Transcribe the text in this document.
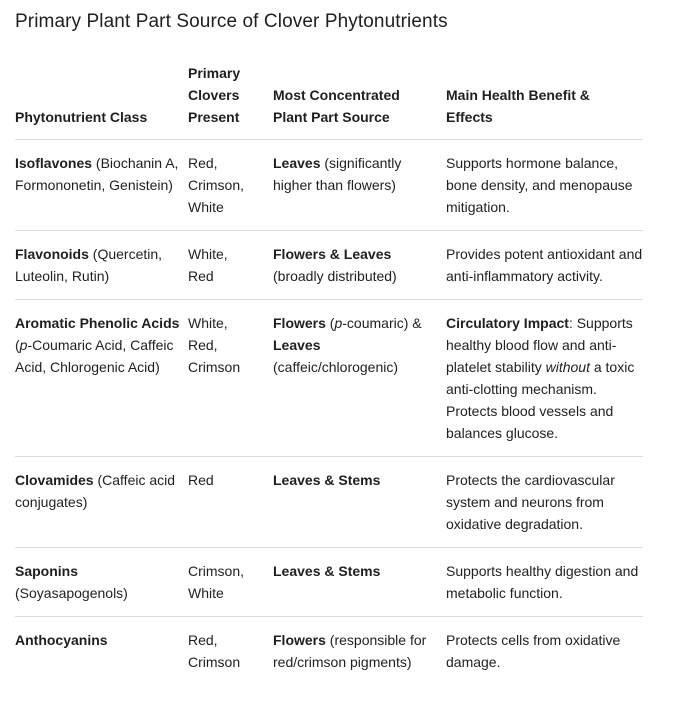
Primary Plant Part Source of Clover Phytonutrients
Phytonutrient Class	Primary Clovers Present	Most Concentrated Plant Part Source	Main Health Benefit & Effects

Isoflavones (Biochanin A, Formononetin, Genistein)	Red,
Crimson,
White	Leaves (significantly higher than flowers)	Supports hormone balance, bone density, and menopause mitigation.
Flavonoids (Quercetin, Luteolin, Rutin)	White,
Red	Flowers & Leaves (broadly distributed)	Provides potent antioxidant and anti-inflammatory activity.
Aromatic Phenolic Acids (p-Coumaric Acid, Caffeic Acid, Chlorogenic Acid)	White,
Red,
Crimson	Flowers (p-coumaric) & Leaves (caffeic/chlorogenic)	Circulatory Impact: Supports healthy blood flow and anti-platelet stability without a toxic anti-clotting mechanism. Protects blood vessels and balances glucose.
Clovamides (Caffeic acid conjugates)	Red	Leaves & Stems	Protects the cardiovascular system and neurons from oxidative degradation.
Saponins (Soyasapogenols)	Crimson,
White	Leaves & Stems	Supports healthy digestion and metabolic function.
Anthocyanins	Red,
Crimson	Flowers (responsible for red/crimson pigments)	Protects cells from oxidative damage.
